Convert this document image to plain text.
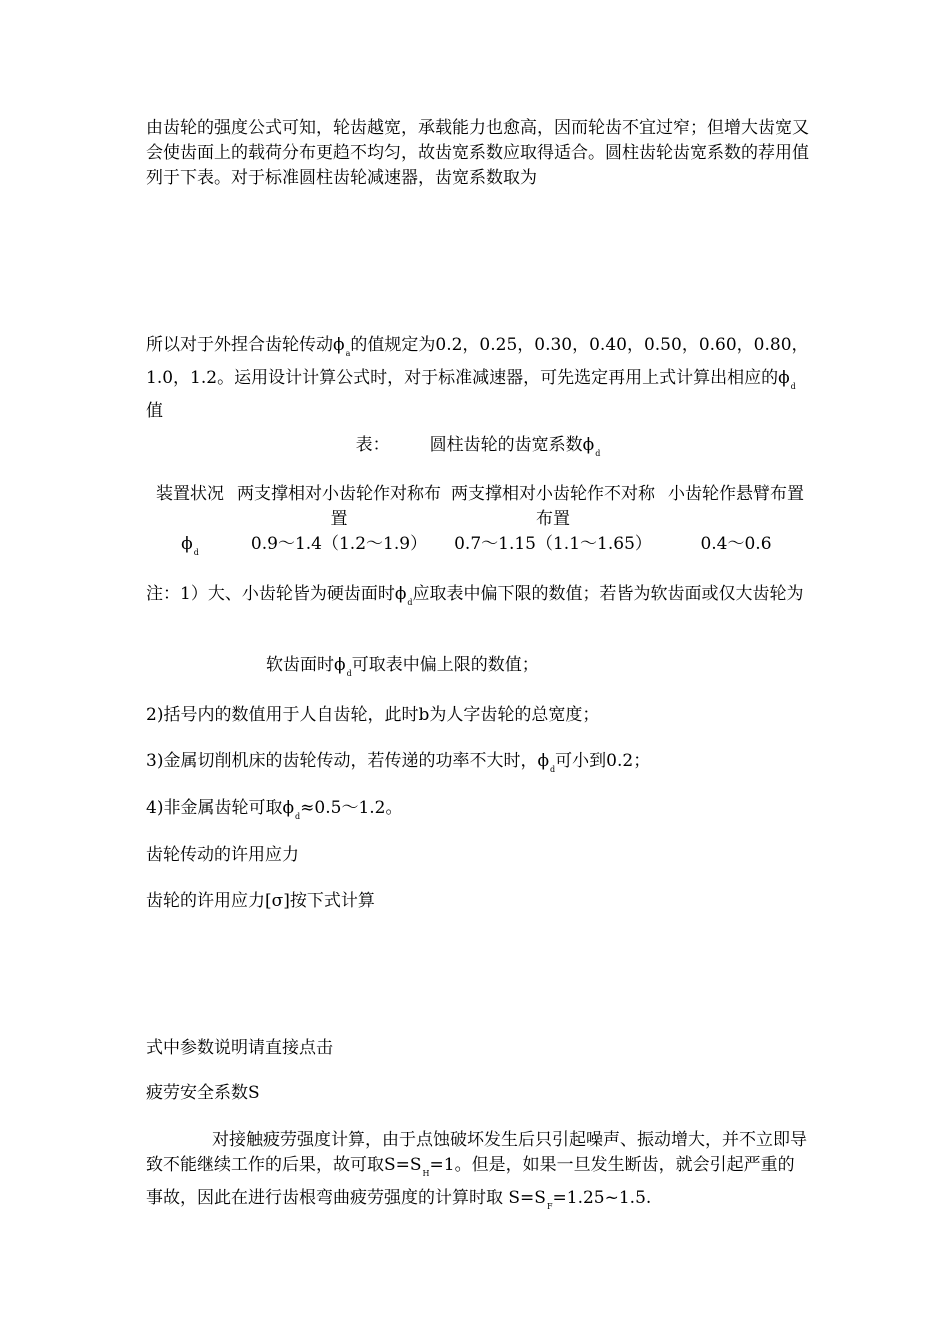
由齿轮的强度公式可知，轮齿越宽，承载能力也愈高，因而轮齿不宜过窄；但增大齿宽又会使齿面上的载荷分布更趋不均匀，故齿宽系数应取得适合。圆柱齿轮齿宽系数的荐用值列于下表。对于标准圆柱齿轮减速器，齿宽系数取为

所以对于外捏合齿轮传动$\phi_a$的值规定为0.2，0.25，0.30，0.40，0.50，0.60，0.80，1.0，1.2。运用设计计算公式时，对于标准减速器，可先选定再用上式计算出相应的$\phi_d$值

表： 圆柱齿轮的齿宽系数$\phi_d$

装置状况	两支撑相对小齿轮作对称布置	两支撑相对小齿轮作不对称布置	小齿轮作悬臂布置
$\phi_d$	0.9～1.4（1.2～1.9）	0.7～1.15（1.1～1.65）	0.4～0.6

注：1）大、小齿轮皆为硬齿面时$\phi_d$应取表中偏下限的数值；若皆为软齿面或仅大齿轮为

软齿面时$\phi_d$可取表中偏上限的数值；

2)括号内的数值用于人自齿轮，此时b为人字齿轮的总宽度；

3)金属切削机床的齿轮传动，若传递的功率不大时，$\phi_d$可小到0.2；

4)非金属齿轮可取$\phi_d\approx 0.5\sim 1.2$。

齿轮传动的许用应力

齿轮的许用应力[σ]按下式计算

式中参数说明请直接点击

疲劳安全系数S

对接触疲劳强度计算，由于点蚀破坏发生后只引起噪声、振动增大，并不立即导致不能继续工作的后果，故可取$S=S_H=1$。但是，如果一旦发生断齿，就会引起严重的事故，因此在进行齿根弯曲疲劳强度的计算时取 $S=S_F=1.25\sim 1.5$.
